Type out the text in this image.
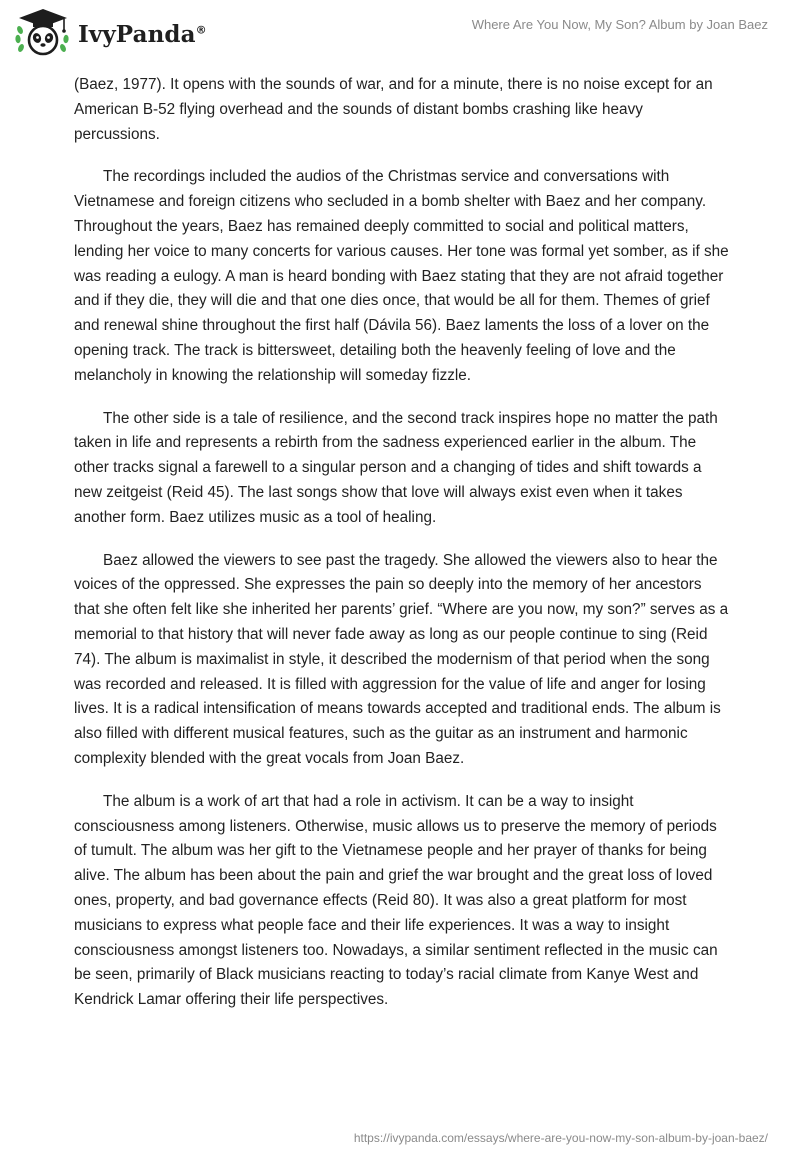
IvyPanda®	Where Are You Now, My Son? Album by Joan Baez

(Baez, 1977). It opens with the sounds of war, and for a minute, there is no noise except for an American B-52 flying overhead and the sounds of distant bombs crashing like heavy percussions.

The recordings included the audios of the Christmas service and conversations with Vietnamese and foreign citizens who secluded in a bomb shelter with Baez and her company. Throughout the years, Baez has remained deeply committed to social and political matters, lending her voice to many concerts for various causes. Her tone was formal yet somber, as if she was reading a eulogy. A man is heard bonding with Baez stating that they are not afraid together and if they die, they will die and that one dies once, that would be all for them. Themes of grief and renewal shine throughout the first half (Dávila 56). Baez laments the loss of a lover on the opening track. The track is bittersweet, detailing both the heavenly feeling of love and the melancholy in knowing the relationship will someday fizzle.

The other side is a tale of resilience, and the second track inspires hope no matter the path taken in life and represents a rebirth from the sadness experienced earlier in the album. The other tracks signal a farewell to a singular person and a changing of tides and shift towards a new zeitgeist (Reid 45). The last songs show that love will always exist even when it takes another form. Baez utilizes music as a tool of healing.

Baez allowed the viewers to see past the tragedy. She allowed the viewers also to hear the voices of the oppressed. She expresses the pain so deeply into the memory of her ancestors that she often felt like she inherited her parents’ grief. “Where are you now, my son?” serves as a memorial to that history that will never fade away as long as our people continue to sing (Reid 74). The album is maximalist in style, it described the modernism of that period when the song was recorded and released. It is filled with aggression for the value of life and anger for losing lives. It is a radical intensification of means towards accepted and traditional ends. The album is also filled with different musical features, such as the guitar as an instrument and harmonic complexity blended with the great vocals from Joan Baez.

The album is a work of art that had a role in activism. It can be a way to insight consciousness among listeners. Otherwise, music allows us to preserve the memory of periods of tumult. The album was her gift to the Vietnamese people and her prayer of thanks for being alive. The album has been about the pain and grief the war brought and the great loss of loved ones, property, and bad governance effects (Reid 80). It was also a great platform for most musicians to express what people face and their life experiences. It was a way to insight consciousness amongst listeners too. Nowadays, a similar sentiment reflected in the music can be seen, primarily of Black musicians reacting to today’s racial climate from Kanye West and Kendrick Lamar offering their life perspectives.

https://ivypanda.com/essays/where-are-you-now-my-son-album-by-joan-baez/
